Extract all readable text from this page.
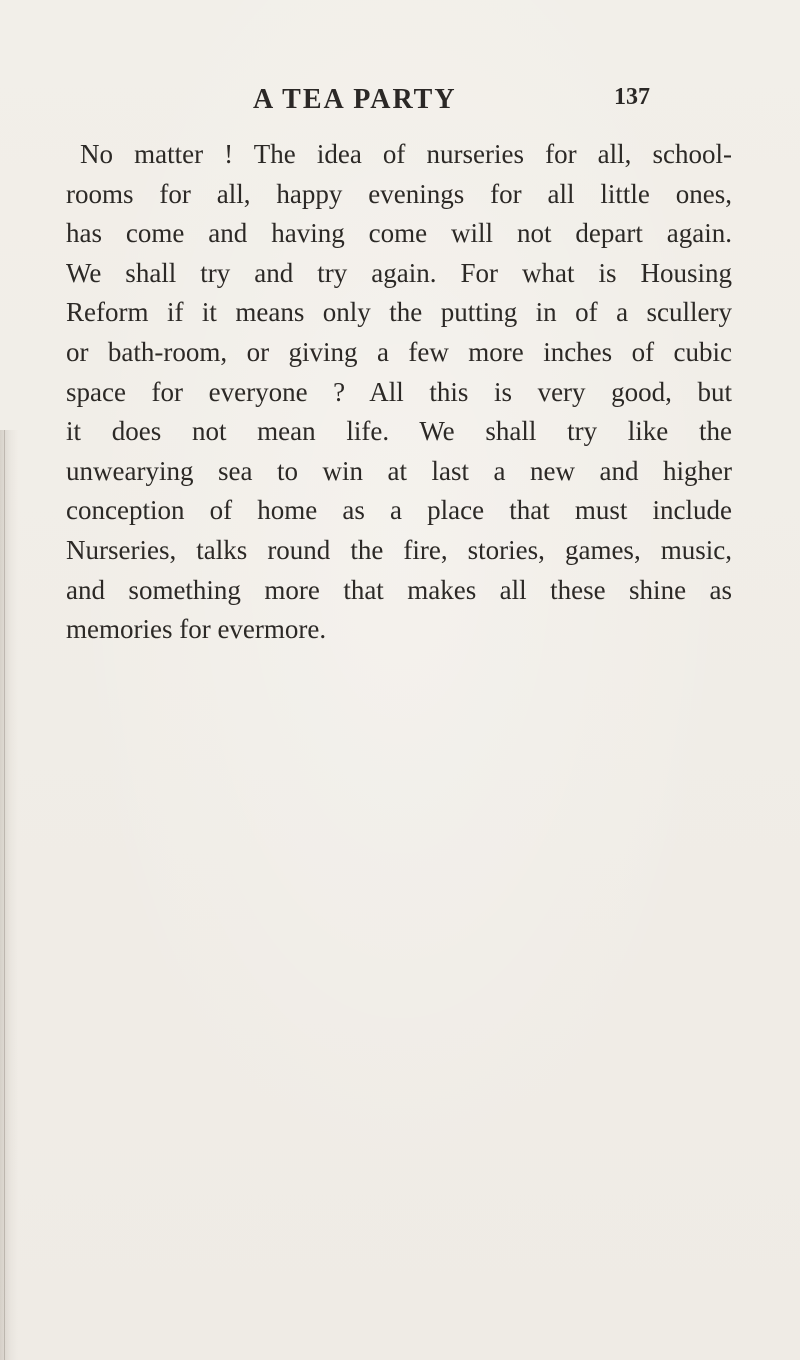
A TEA PARTY	137
No matter ! The idea of nurseries for all, school-
rooms for all, happy evenings for all little ones,
has come and having come will not depart again.
We shall try and try again. For what is Housing
Reform if it means only the putting in of a scullery
or bath-room, or giving a few more inches of cubic
space for everyone ? All this is very good, but
it does not mean life. We shall try like the
unwearying sea to win at last a new and higher
conception of home as a place that must include
Nurseries, talks round the fire, stories, games, music,
and something more that makes all these shine as
memories for evermore.
